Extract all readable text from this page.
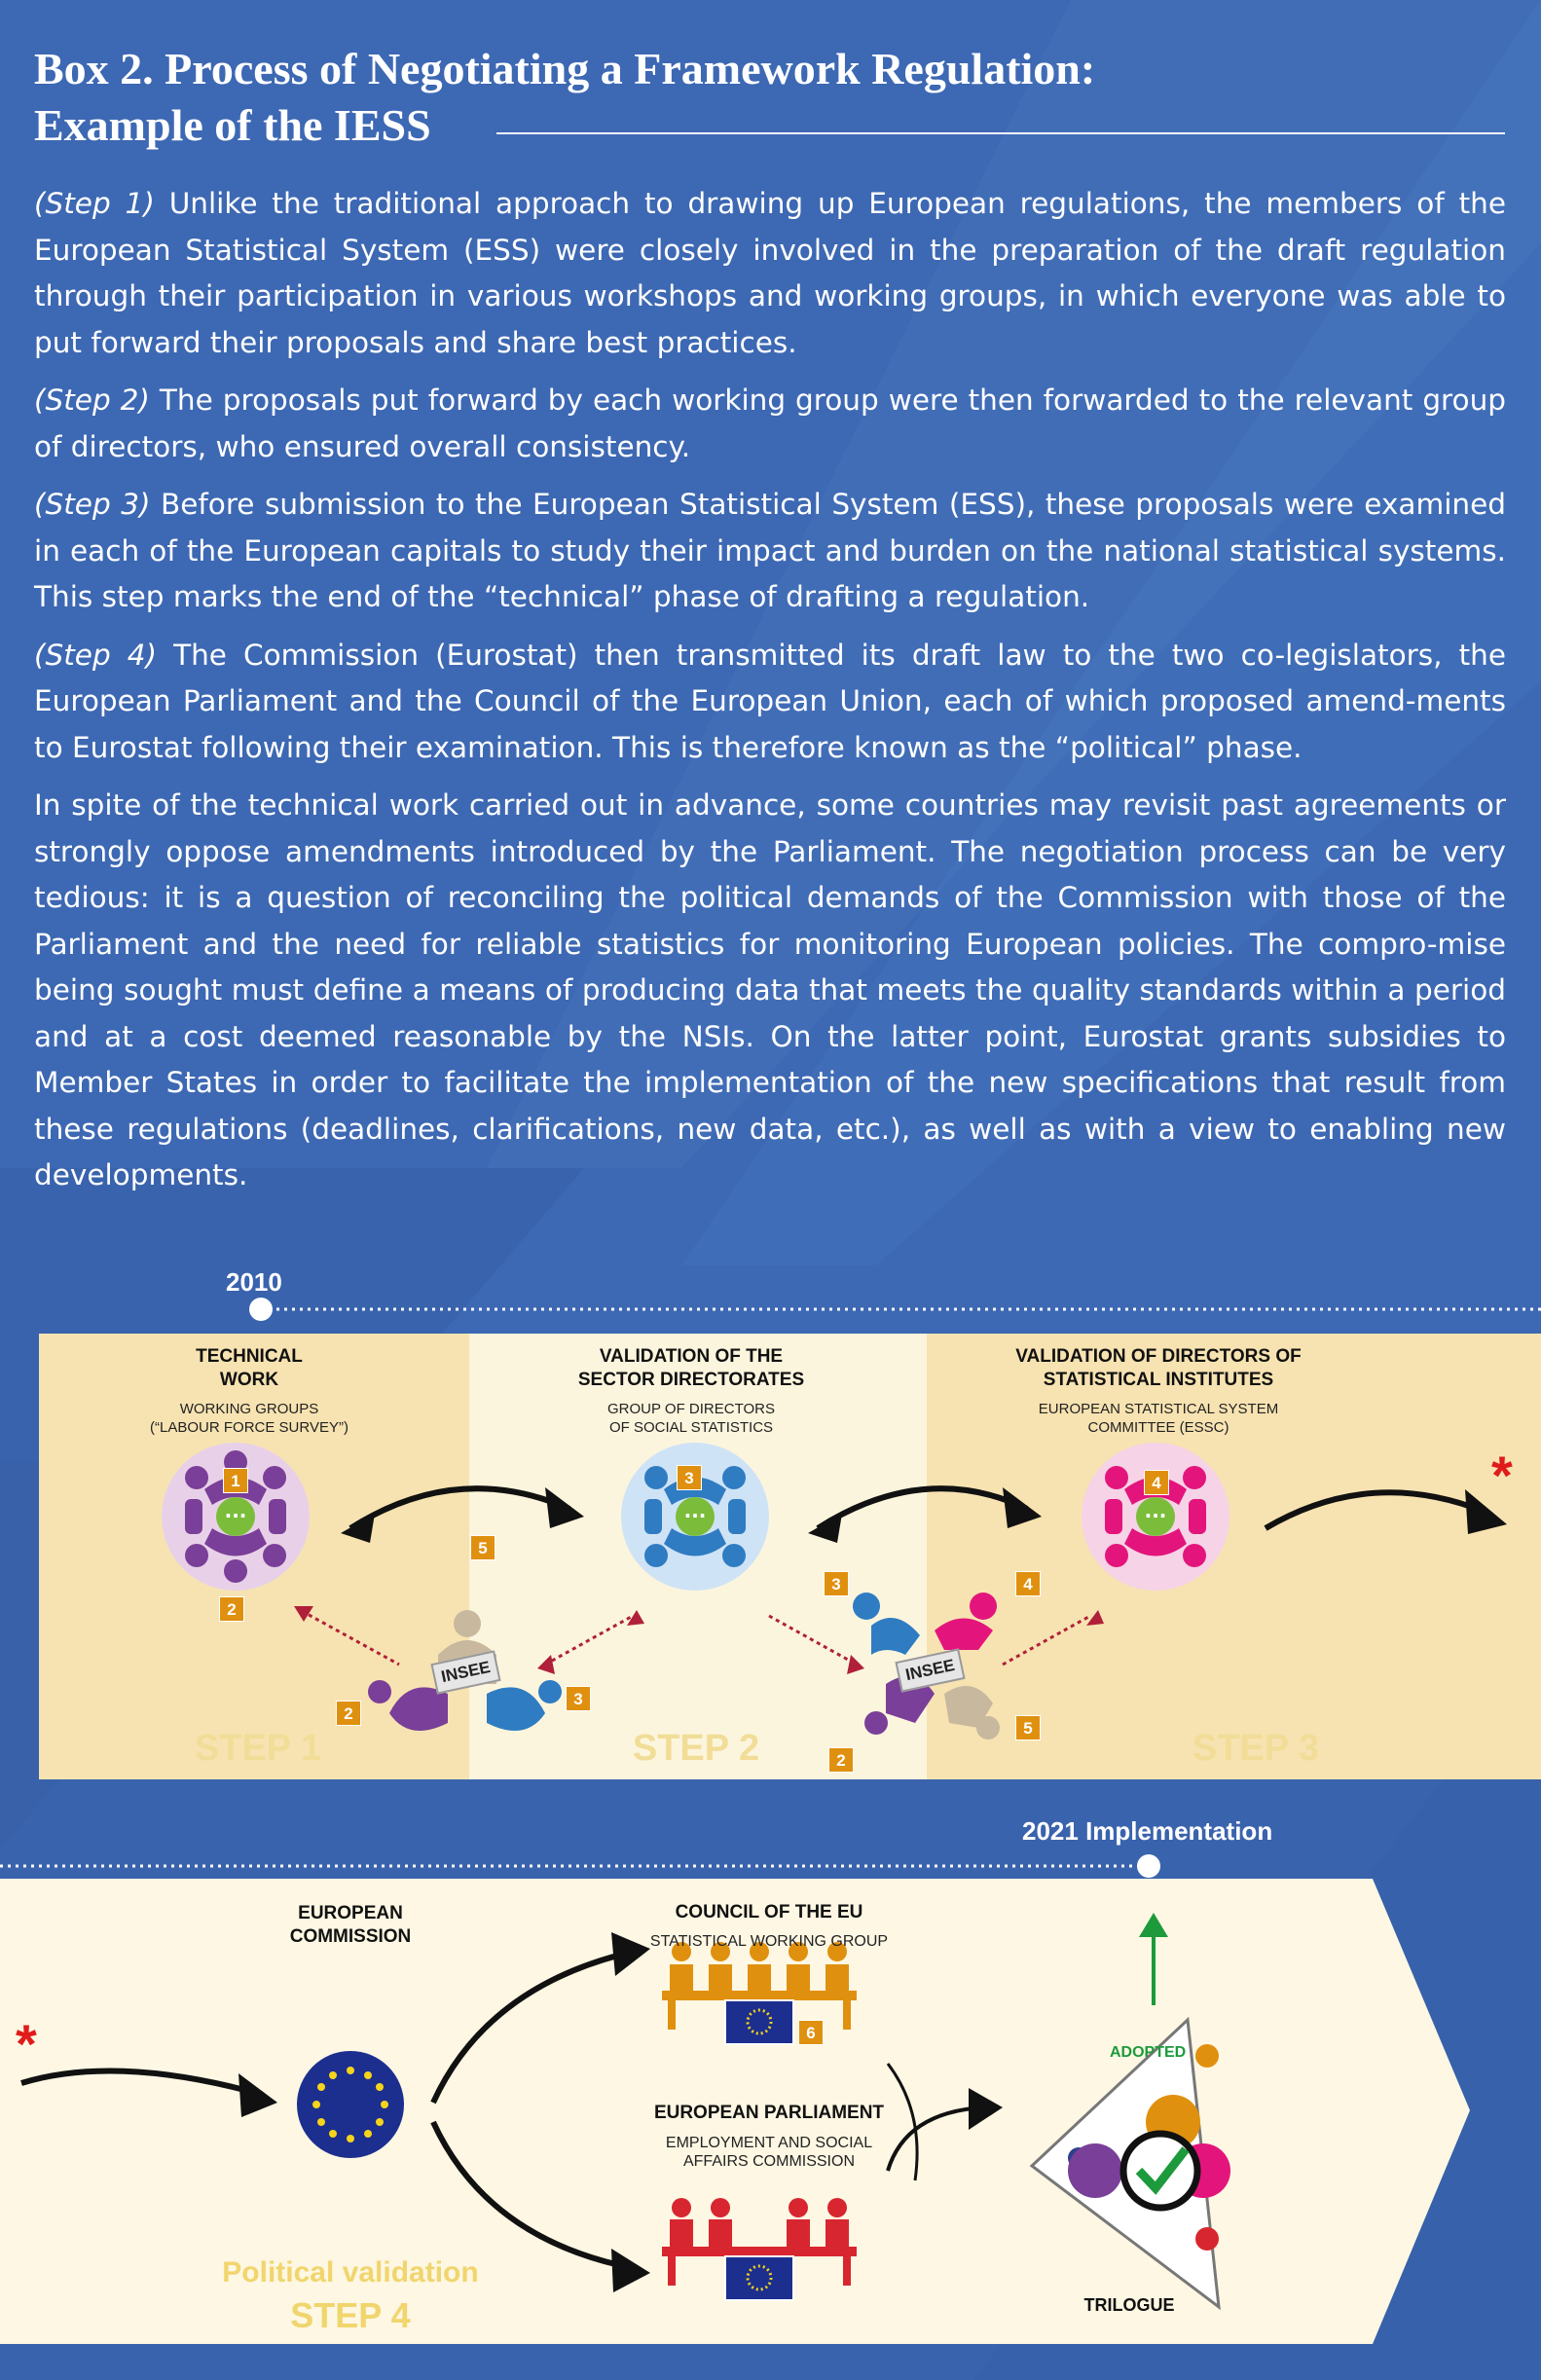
Box 2. Process of Negotiating a Framework Regulation:
Example of the IESS

(Step 1) Unlike the traditional approach to drawing up European regulations, the members of the European Statistical System (ESS) were closely involved in the preparation of the draft regulation through their participation in various workshops and working groups, in which everyone was able to put forward their proposals and share best practices.

(Step 2) The proposals put forward by each working group were then forwarded to the relevant group of directors, who ensured overall consistency.

(Step 3) Before submission to the European Statistical System (ESS), these proposals were examined in each of the European capitals to study their impact and burden on the national statistical systems. This step marks the end of the “technical” phase of drafting a regulation.

(Step 4) The Commission (Eurostat) then transmitted its draft law to the two co-legislators, the European Parliament and the Council of the European Union, each of which proposed amend-ments to Eurostat following their examination. This is therefore known as the “political” phase.

In spite of the technical work carried out in advance, some countries may revisit past agreements or strongly oppose amendments introduced by the Parliament. The negotiation process can be very tedious: it is a question of reconciling the political demands of the Commission with those of the Parliament and the need for reliable statistics for monitoring European policies. The compro-mise being sought must define a means of producing data that meets the quality standards within a period and at a cost deemed reasonable by the NSIs. On the latter point, Eurostat grants subsidies to Member States in order to facilitate the implementation of the new specifications that result from these regulations (deadlines, clarifications, new data, etc.), as well as with a view to enabling new developments.

2010
···	···	···
TECHNICAL
WORK
WORKING GROUPS
(“LABOUR FORCE SURVEY”)
VALIDATION OF THE
SECTOR DIRECTORATES
GROUP OF DIRECTORS
OF SOCIAL STATISTICS
VALIDATION OF DIRECTORS OF
STATISTICAL INSTITUTES
EUROPEAN STATISTICAL SYSTEM
COMMITTEE (ESSC)
STEP 1	STEP 2	STEP 3
INSEE	INSEE
*
1
2
5
2
3
3
3
4
4
2
5
2021 Implementation
6
EUROPEAN
COMMISSION
COUNCIL OF THE EU
STATISTICAL WORKING GROUP
EUROPEAN PARLIAMENT
EMPLOYMENT AND SOCIAL
AFFAIRS COMMISSION
ADOPTED
TRILOGUE
Political validation
STEP 4
*
